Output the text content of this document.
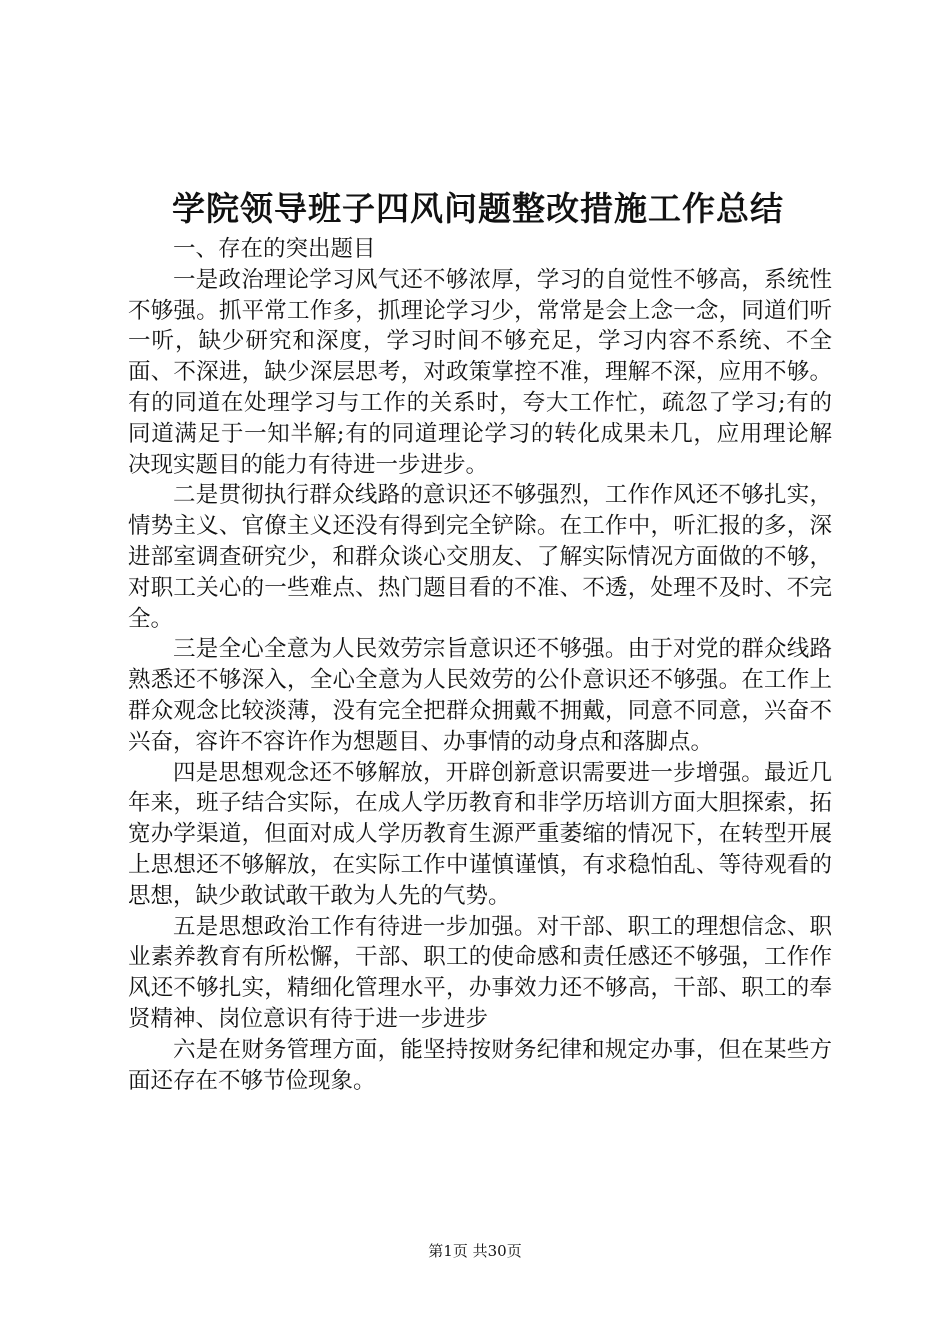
学院领导班子四风问题整改措施工作总结

一、存在的突出题目

一是政治理论学习风气还不够浓厚，学习的自觉性不够高，系统性不够强。抓平常工作多，抓理论学习少，常常是会上念一念，同道们听一听，缺少研究和深度，学习时间不够充足，学习内容不系统、不全面、不深进，缺少深层思考，对政策掌控不准，理解不深，应用不够。有的同道在处理学习与工作的关系时，夸大工作忙，疏忽了学习;有的同道满足于一知半解;有的同道理论学习的转化成果未几，应用理论解决现实题目的能力有待进一步进步。

二是贯彻执行群众线路的意识还不够强烈，工作作风还不够扎实，情势主义、官僚主义还没有得到完全铲除。在工作中，听汇报的多，深进部室调查研究少，和群众谈心交朋友、了解实际情况方面做的不够，对职工关心的一些难点、热门题目看的不准、不透，处理不及时、不完全。

三是全心全意为人民效劳宗旨意识还不够强。由于对党的群众线路熟悉还不够深入，全心全意为人民效劳的公仆意识还不够强。在工作上群众观念比较淡薄，没有完全把群众拥戴不拥戴，同意不同意，兴奋不兴奋，容许不容许作为想题目、办事情的动身点和落脚点。

四是思想观念还不够解放，开辟创新意识需要进一步增强。最近几年来，班子结合实际，在成人学历教育和非学历培训方面大胆探索，拓宽办学渠道，但面对成人学历教育生源严重萎缩的情况下，在转型开展上思想还不够解放，在实际工作中谨慎谨慎，有求稳怕乱、等待观看的思想，缺少敢试敢干敢为人先的气势。

五是思想政治工作有待进一步加强。对干部、职工的理想信念、职业素养教育有所松懈，干部、职工的使命感和责任感还不够强，工作作风还不够扎实，精细化管理水平，办事效力还不够高，干部、职工的奉贤精神、岗位意识有待于进一步进步

六是在财务管理方面，能坚持按财务纪律和规定办事，但在某些方面还存在不够节俭现象。

第1页 共30页
